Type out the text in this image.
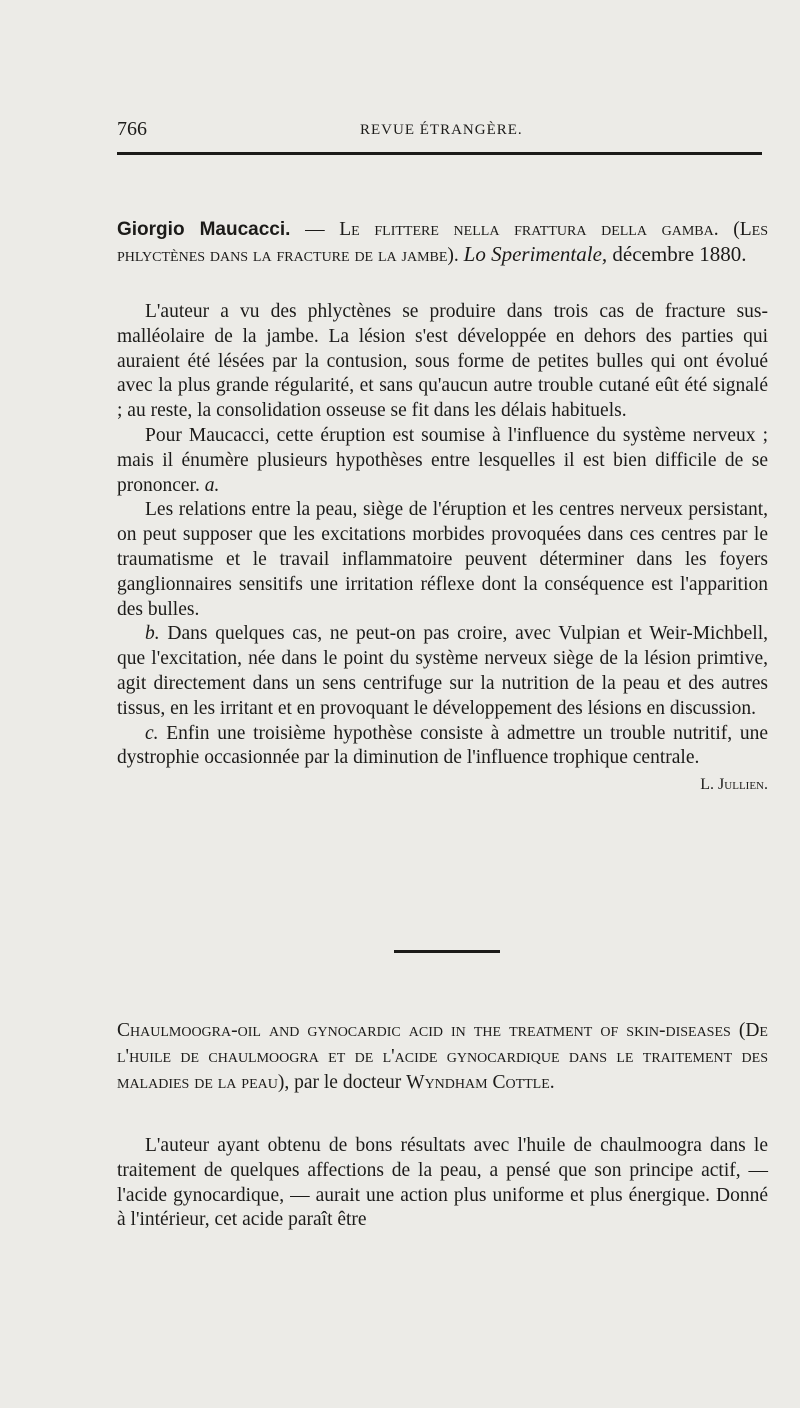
766	REVUE ÉTRANGÈRE.

Giorgio Maucacci. — Le flittere nella frattura della gamba. (Les phlyctènes dans la fracture de la jambe). Lo Sperimentale, décembre 1880.

L'auteur a vu des phlyctènes se produire dans trois cas de fracture sus-malléolaire de la jambe. La lésion s'est développée en dehors des parties qui auraient été lésées par la contusion, sous forme de petites bulles qui ont évolué avec la plus grande régularité, et sans qu'aucun autre trouble cutané eût été signalé ; au reste, la consolidation osseuse se fit dans les délais habituels.

Pour Maucacci, cette éruption est soumise à l'influence du système nerveux ; mais il énumère plusieurs hypothèses entre lesquelles il est bien difficile de se prononcer. a.

Les relations entre la peau, siège de l'éruption et les centres nerveux persistant, on peut supposer que les excitations morbides provoquées dans ces centres par le traumatisme et le travail inflammatoire peuvent déterminer dans les foyers ganglionnaires sensitifs une irritation réflexe dont la conséquence est l'apparition des bulles.

b. Dans quelques cas, ne peut-on pas croire, avec Vulpian et Weir-Michbell, que l'excitation, née dans le point du système nerveux siège de la lésion primtive, agit directement dans un sens centrifuge sur la nutrition de la peau et des autres tissus, en les irritant et en provoquant le développement des lésions en discussion.

c. Enfin une troisième hypothèse consiste à admettre un trouble nutritif, une dystrophie occasionnée par la diminution de l'influence trophique centrale.
L. Jullien.

Chaulmoogra-oil and gynocardic acid in the treatment of skin-diseases (De l'huile de chaulmoogra et de l'acide gynocardique dans le traitement des maladies de la peau), par le docteur Wyndham Cottle.

L'auteur ayant obtenu de bons résultats avec l'huile de chaulmoogra dans le traitement de quelques affections de la peau, a pensé que son principe actif, — l'acide gynocardique, — aurait une action plus uniforme et plus énergique. Donné à l'intérieur, cet acide paraît être
